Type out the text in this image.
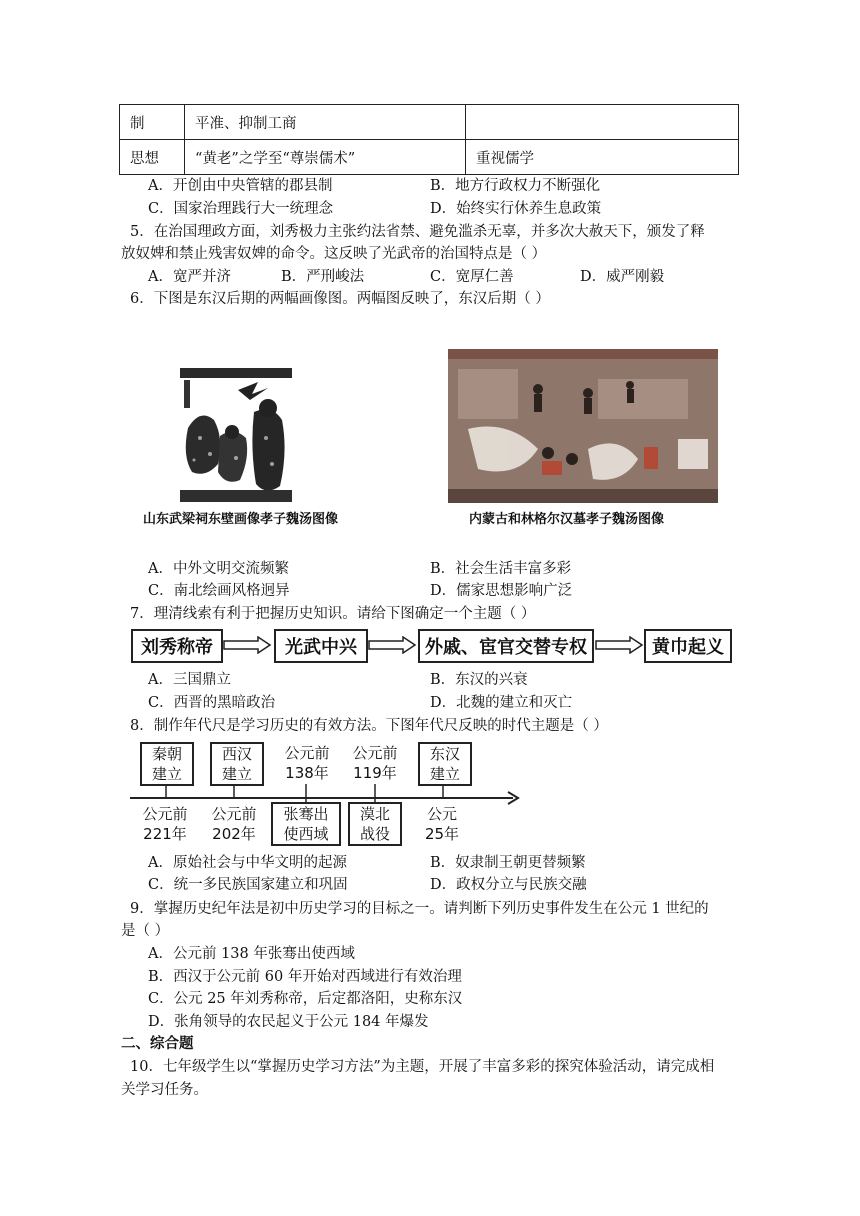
制	平准、抑制工商	
思想	“黄老”之学至“尊崇儒术”	重视儒学
A．开创由中央管辖的郡县制	B．地方行政权力不断强化
C．国家治理践行大一统理念	D．始终实行休养生息政策
5．在治国理政方面，刘秀极力主张约法省禁、避免滥杀无辜，并多次大赦天下，颁发了释
放奴婢和禁止残害奴婢的命令。这反映了光武帝的治国特点是（ ）
A．宽严并济	B．严刑峻法	C．宽厚仁善	D．威严刚毅
6．下图是东汉后期的两幅画像图。两幅图反映了，东汉后期（ ）
山东武梁祠东壁画像孝子魏汤图像	内蒙古和林格尔汉墓孝子魏汤图像
A．中外文明交流频繁	B．社会生活丰富多彩
C．南北绘画风格迥异	D．儒家思想影响广泛
7．理清线索有利于把握历史知识。请给下图确定一个主题（ ）
刘秀称帝	光武中兴	外戚、宦官交替专权	黄巾起义
A．三国鼎立	B．东汉的兴衰
C．西晋的黑暗政治	D．北魏的建立和灭亡
8．制作年代尺是学习历史的有效方法。下图年代尺反映的时代主题是（ ）
秦朝
建立
西汉
建立
公元前
138年
公元前
119年
东汉
建立
公元前
221年
公元前
202年
张骞出
使西域
漠北
战役
公元
25年
A．原始社会与中华文明的起源	B．奴隶制王朝更替频繁
C．统一多民族国家建立和巩固	D．政权分立与民族交融
9．掌握历史纪年法是初中历史学习的目标之一。请判断下列历史事件发生在公元 1 世纪的
是（ ）
A．公元前 138 年张骞出使西域
B．西汉于公元前 60 年开始对西域进行有效治理
C．公元 25 年刘秀称帝，后定都洛阳，史称东汉
D．张角领导的农民起义于公元 184 年爆发
二、综合题
10．七年级学生以“掌握历史学习方法”为主题，开展了丰富多彩的探究体验活动，请完成相
关学习任务。
